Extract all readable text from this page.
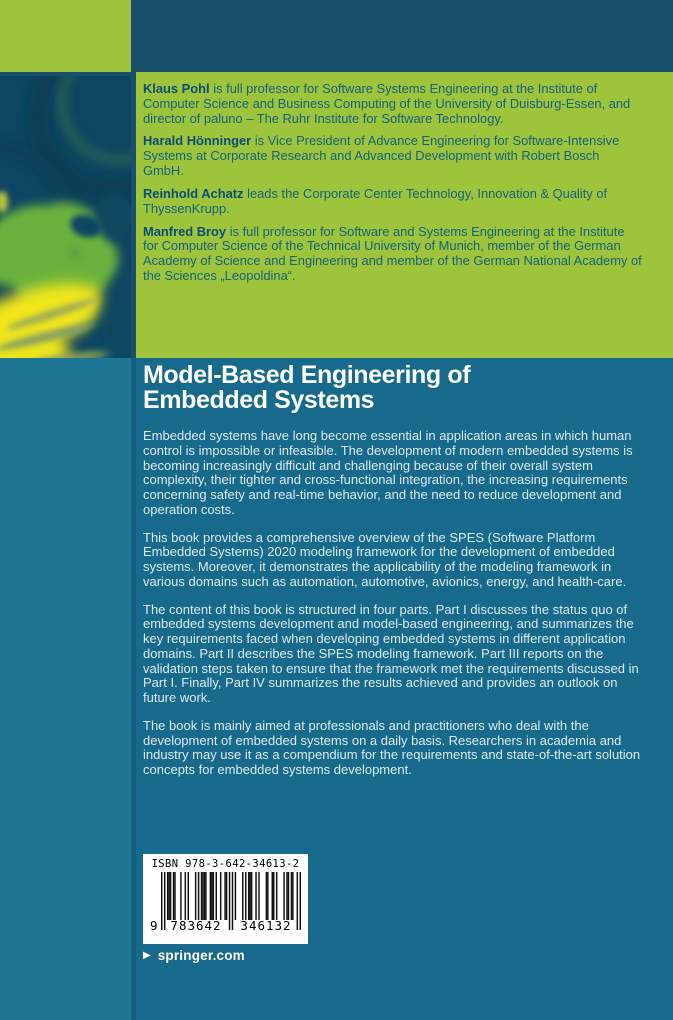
Klaus Pohl is full professor for Software Systems Engineering at the Institute of Computer Science and Business Computing of the University of Duisburg-Essen, and director of paluno – The Ruhr Institute for Software Technology.

Harald Hönninger is Vice President of Advance Engineering for Software-Intensive Systems at Corporate Research and Advanced Development with Robert Bosch GmbH.

Reinhold Achatz leads the Corporate Center Technology, Innovation & Quality of ThyssenKrupp.

Manfred Broy is full professor for Software and Systems Engineering at the Institute for Computer Science of the Technical University of Munich, member of the German Academy of Science and Engineering and member of the German National Academy of the Sciences „Leopoldina“.

Model-Based Engineering of
Embedded Systems

Embedded systems have long become essential in application areas in which human control is impossible or infeasible. The development of modern embedded systems is becoming increasingly difficult and challenging because of their overall system complexity, their tighter and cross-functional integration, the increasing requirements concerning safety and real-time behavior, and the need to reduce development and operation costs.

This book provides a comprehensive overview of the SPES (Software Platform Embedded Systems) 2020 modeling framework for the development of embedded systems. Moreover, it demonstrates the applicability of the modeling framework in various domains such as automation, automotive, avionics, energy, and health-care.

The content of this book is structured in four parts. Part I discusses the status quo of embedded systems development and model-based engineering, and summarizes the key requirements faced when developing embedded systems in different application domains. Part II describes the SPES modeling framework. Part III reports on the validation steps taken to ensure that the framework met the requirements discussed in Part I. Finally, Part IV summarizes the results achieved and provides an outlook on future work.

The book is mainly aimed at professionals and practitioners who deal with the development of embedded systems on a daily basis. Researchers in academia and industry may use it as a compendium for the requirements and state-of-the-art solution concepts for embedded systems development.

ISBN 978-3-642-34613-2
9	783642	346132
▶ springer.com
